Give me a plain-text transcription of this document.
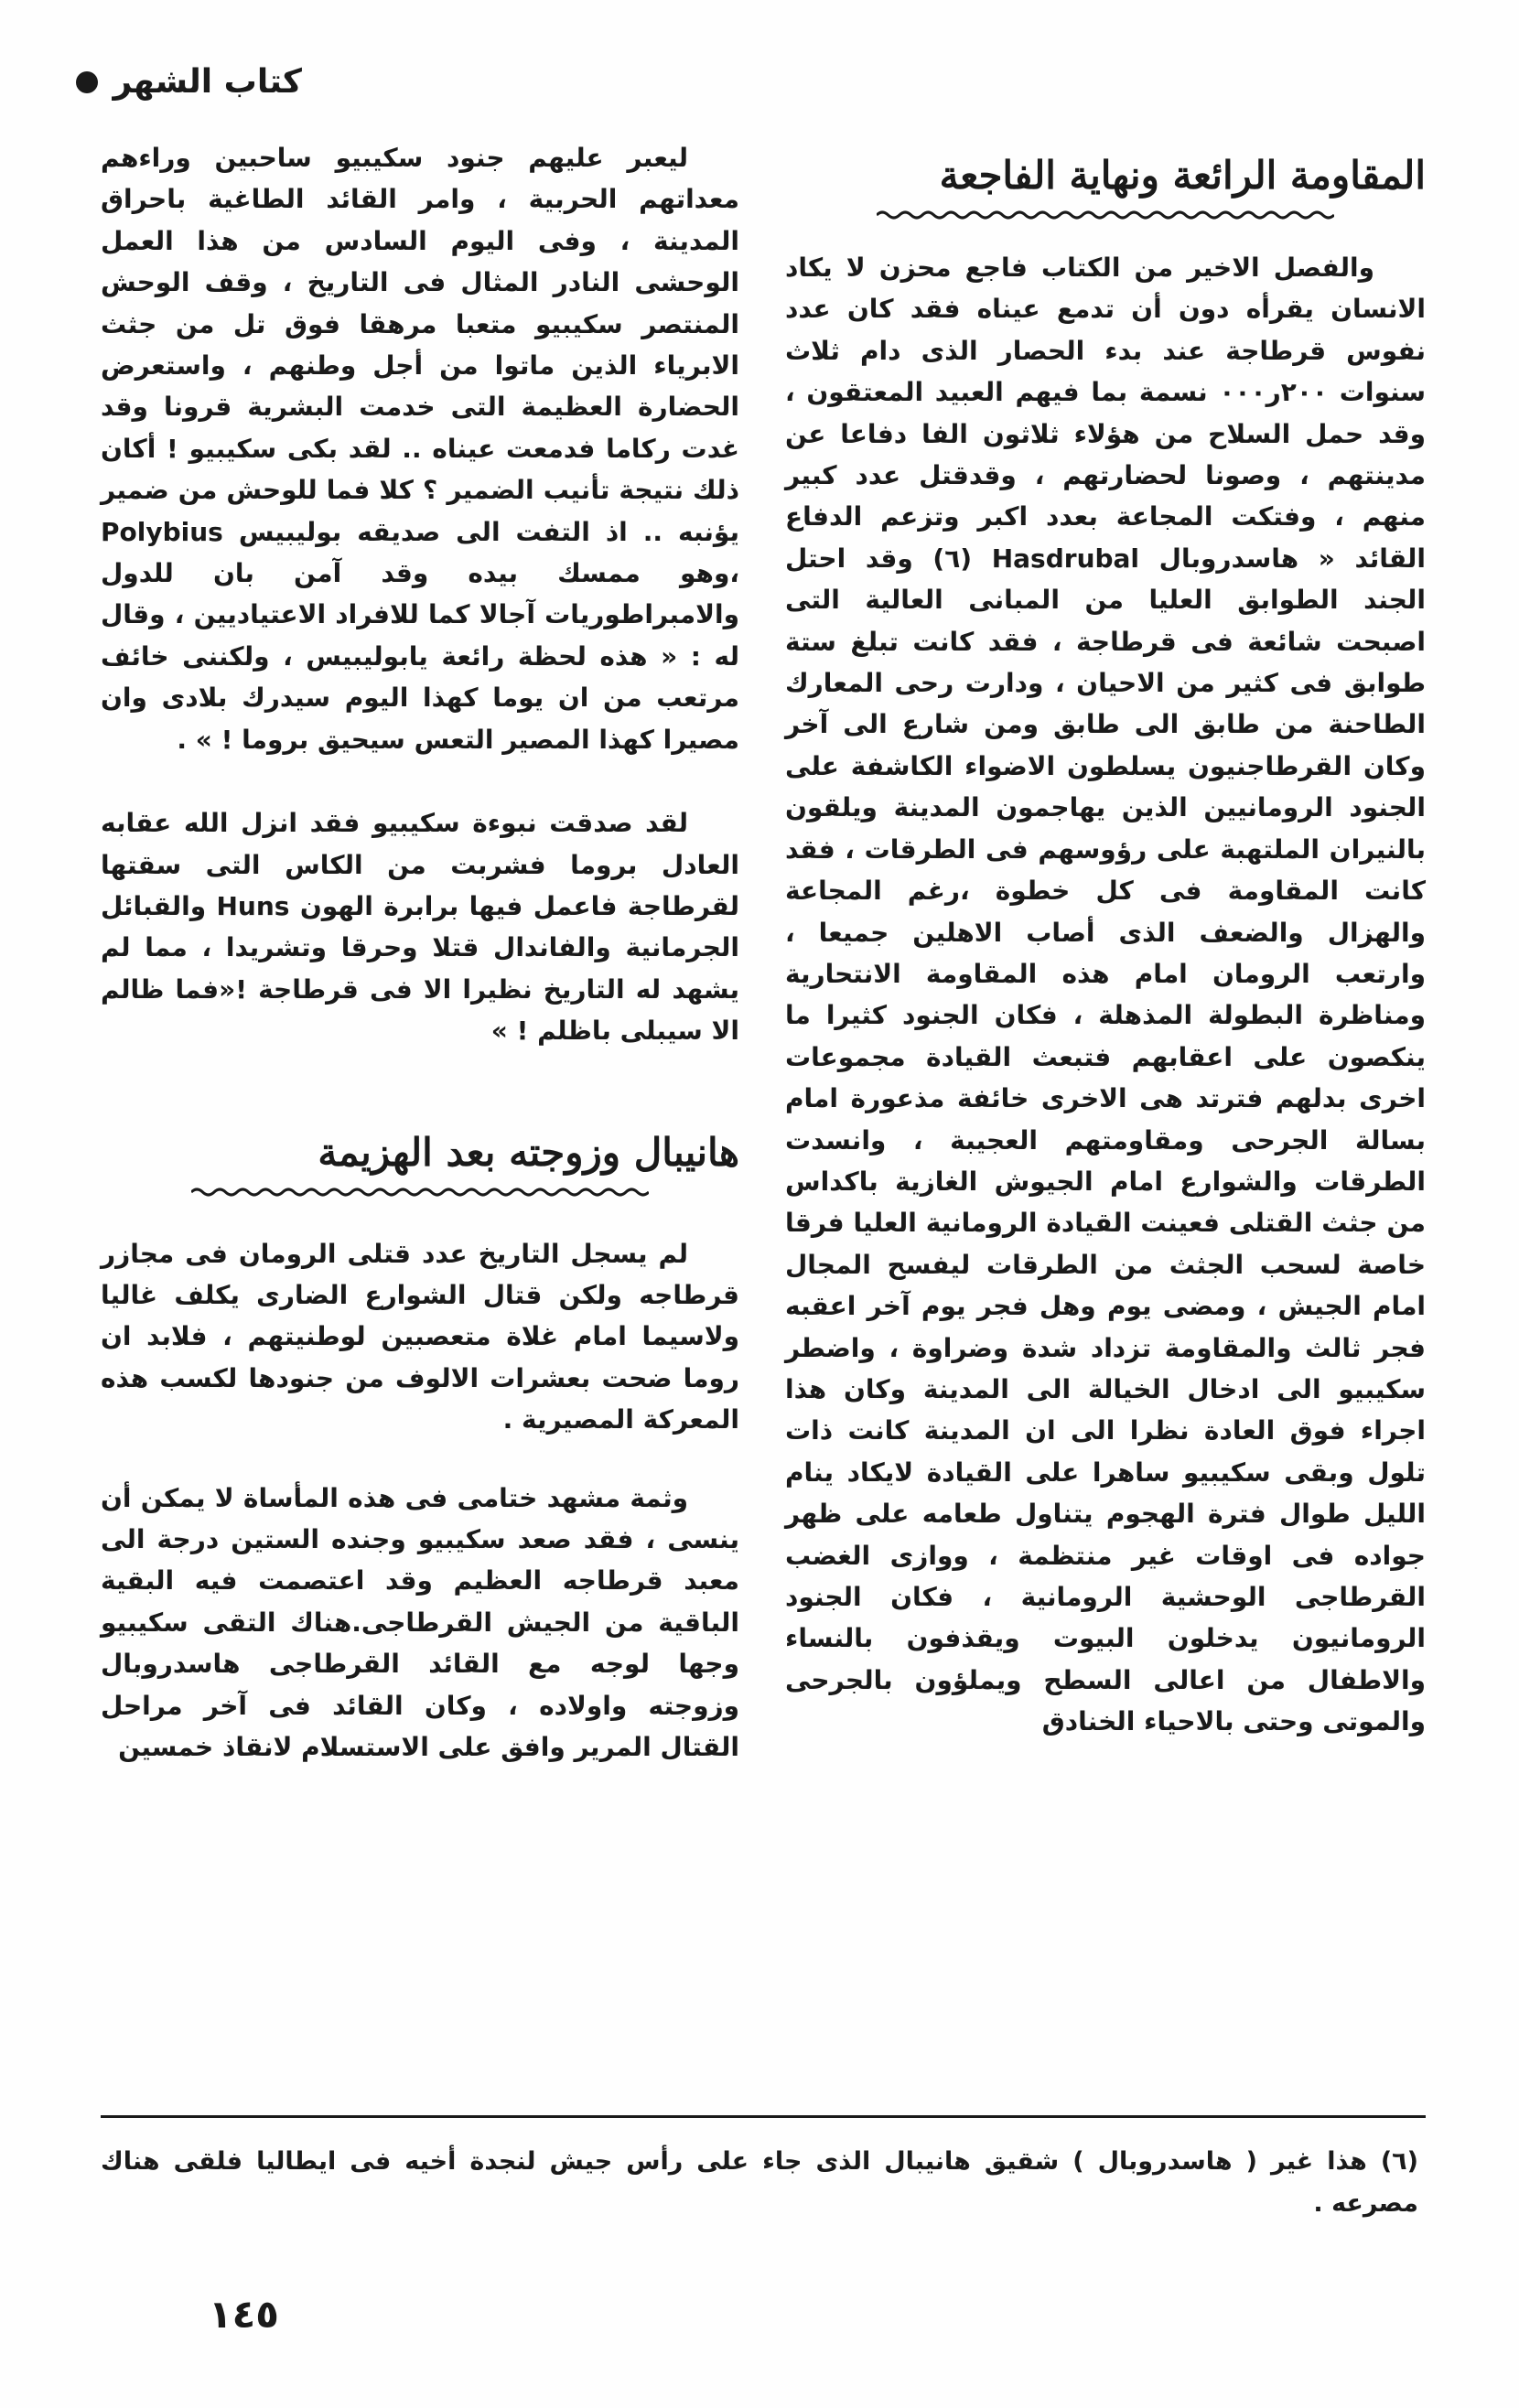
كتاب الشهر
المقاومة الرائعة ونهاية الفاجعة

والفصل الاخير من الكتاب فاجع محزن لا يكاد الانسان يقرأه دون أن تدمع عيناه فقد كان عدد نفوس قرطاجة عند بدء الحصار الذى دام ثلاث سنوات ٢٠٠ر٠٠٠ نسمة بما فيهم العبيد المعتقون ، وقد حمل السلاح من هؤلاء ثلاثون الفا دفاعا عن مدينتهم ، وصونا لحضارتهم ، وقدقتل عدد كبير منهم ، وفتكت المجاعة بعدد اكبر وتزعم الدفاع القائد « هاسدروبال Hasdrubal (٦) وقد احتل الجند الطوابق العليا من المبانى العالية التى اصبحت شائعة فى قرطاجة ، فقد كانت تبلغ ستة طوابق فى كثير من الاحيان ، ودارت رحى المعارك الطاحنة من طابق الى طابق ومن شارع الى آخر وكان القرطاجنيون يسلطون الاضواء الكاشفة على الجنود الرومانيين الذين يهاجمون المدينة ويلقون بالنيران الملتهبة على رؤوسهم فى الطرقات ، فقد كانت المقاومة فى كل خطوة ،رغم المجاعة والهزال والضعف الذى أصاب الاهلين جميعا ، وارتعب الرومان امام هذه المقاومة الانتحارية ومناظرة البطولة المذهلة ، فكان الجنود كثيرا ما ينكصون على اعقابهم فتبعث القيادة مجموعات اخرى بدلهم فترتد هى الاخرى خائفة مذعورة امام بسالة الجرحى ومقاومتهم العجيبة ، وانسدت الطرقات والشوارع امام الجيوش الغازية باكداس من جثث القتلى فعينت القيادة الرومانية العليا فرقا خاصة لسحب الجثث من الطرقات ليفسح المجال امام الجيش ، ومضى يوم وهل فجر يوم آخر اعقبه فجر ثالث والمقاومة تزداد شدة وضراوة ، واضطر سكيبيو الى ادخال الخيالة الى المدينة وكان هذا اجراء فوق العادة نظرا الى ان المدينة كانت ذات تلول وبقى سكيبيو ساهرا على القيادة لايكاد ينام الليل طوال فترة الهجوم يتناول طعامه على ظهر جواده فى اوقات غير منتظمة ، ووازى الغضب القرطاجى الوحشية الرومانية ، فكان الجنود الرومانيون يدخلون البيوت ويقذفون بالنساء والاطفال من اعالى السطح ويملؤون بالجرحى والموتى وحتى بالاحياء الخنادق

ليعبر عليهم جنود سكيبيو ساحبين وراءهم معداتهم الحربية ، وامر القائد الطاغية باحراق المدينة ، وفى اليوم السادس من هذا العمل الوحشى النادر المثال فى التاريخ ، وقف الوحش المنتصر سكيبيو متعبا مرهقا فوق تل من جثث الابرياء الذين ماتوا من أجل وطنهم ، واستعرض الحضارة العظيمة التى خدمت البشرية قرونا وقد غدت ركاما فدمعت عيناه .. لقد بكى سكيبيو ! أكان ذلك نتيجة تأنيب الضمير ؟ كلا فما للوحش من ضمير يؤنبه .. اذ التفت الى صديقه بوليبيس Polybius ،وهو ممسك بيده وقد آمن بان للدول والامبراطوريات آجالا كما للافراد الاعتياديين ، وقال له : « هذه لحظة رائعة يابوليبيس ، ولكننى خائف مرتعب من ان يوما كهذا اليوم سيدرك بلادى وان مصيرا كهذا المصير التعس سيحيق بروما ! » .

لقد صدقت نبوءة سكيبيو فقد انزل الله عقابه العادل بروما فشربت من الكاس التى سقتها لقرطاجة فاعمل فيها برابرة الهون Huns والقبائل الجرمانية والفاندال قتلا وحرقا وتشريدا ، مما لم يشهد له التاريخ نظيرا الا فى قرطاجة !«فما ظالم الا سيبلى باظلم ! »

هانيبال وزوجته بعد الهزيمة

لم يسجل التاريخ عدد قتلى الرومان فى مجازر قرطاجه ولكن قتال الشوارع الضارى يكلف غاليا ولاسيما امام غلاة متعصبين لوطنيتهم ، فلابد ان روما ضحت بعشرات الالوف من جنودها لكسب هذه المعركة المصيرية .

وثمة مشهد ختامى فى هذه المأساة لا يمكن أن ينسى ، فقد صعد سكيبيو وجنده الستين درجة الى معبد قرطاجه العظيم وقد اعتصمت فيه البقية الباقية من الجيش القرطاجى.هناك التقى سكيبيو وجها لوجه مع القائد القرطاجى هاسدروبال وزوجته واولاده ، وكان القائد فى آخر مراحل القتال المرير وافق على الاستسلام لانقاذ خمسين

(٦) هذا غير ( هاسدروبال ) شقيق هانيبال الذى جاء على رأس جيش لنجدة أخيه فى ايطاليا فلقى هناك مصرعه .

١٤٥
